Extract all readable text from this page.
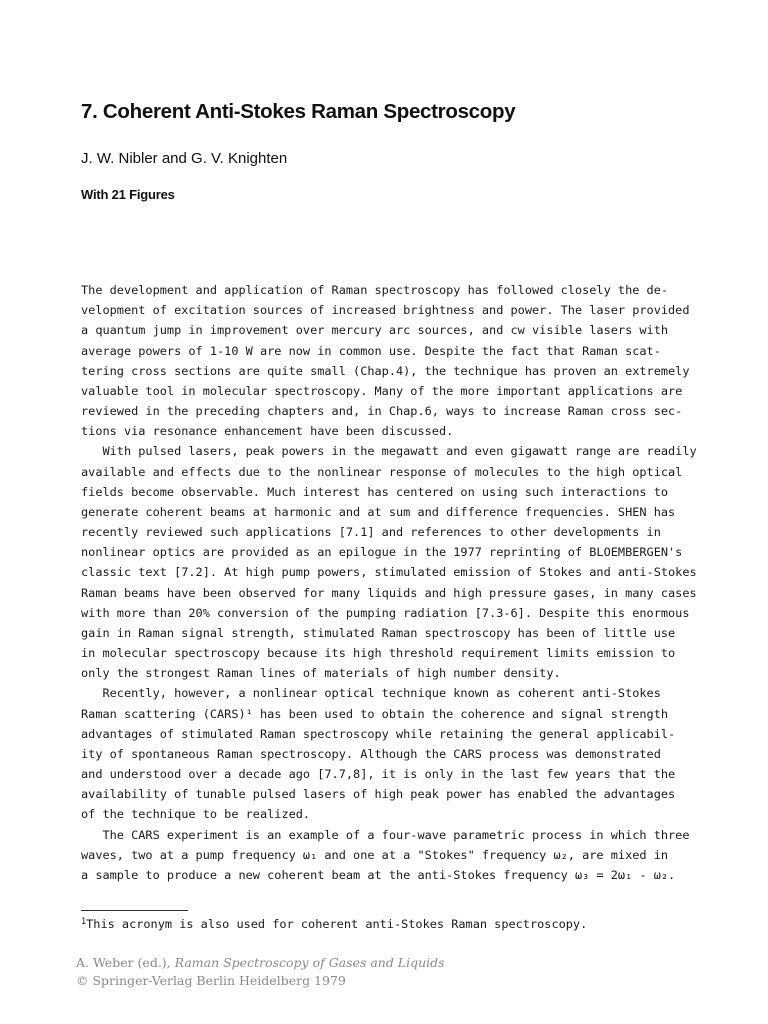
7. Coherent Anti-Stokes Raman Spectroscopy

J. W. Nibler and G. V. Knighten

With 21 Figures

The development and application of Raman spectroscopy has followed closely the de-
velopment of excitation sources of increased brightness and power. The laser provided
a quantum jump in improvement over mercury arc sources, and cw visible lasers with
average powers of 1-10 W are now in common use. Despite the fact that Raman scat-
tering cross sections are quite small (Chap.4), the technique has proven an extremely
valuable tool in molecular spectroscopy. Many of the more important applications are
reviewed in the preceding chapters and, in Chap.6, ways to increase Raman cross sec-
tions via resonance enhancement have been discussed.
With pulsed lasers, peak powers in the megawatt and even gigawatt range are readily
available and effects due to the nonlinear response of molecules to the high optical
fields become observable. Much interest has centered on using such interactions to
generate coherent beams at harmonic and at sum and difference frequencies. SHEN has
recently reviewed such applications [7.1] and references to other developments in
nonlinear optics are provided as an epilogue in the 1977 reprinting of BLOEMBERGEN's
classic text [7.2]. At high pump powers, stimulated emission of Stokes and anti-Stokes
Raman beams have been observed for many liquids and high pressure gases, in many cases
with more than 20% conversion of the pumping radiation [7.3-6]. Despite this enormous
gain in Raman signal strength, stimulated Raman spectroscopy has been of little use
in molecular spectroscopy because its high threshold requirement limits emission to
only the strongest Raman lines of materials of high number density.
Recently, however, a nonlinear optical technique known as coherent anti-Stokes
Raman scattering (CARS)¹ has been used to obtain the coherence and signal strength
advantages of stimulated Raman spectroscopy while retaining the general applicabil-
ity of spontaneous Raman spectroscopy. Although the CARS process was demonstrated
and understood over a decade ago [7.7,8], it is only in the last few years that the
availability of tunable pulsed lasers of high peak power has enabled the advantages
of the technique to be realized.
The CARS experiment is an example of a four-wave parametric process in which three
waves, two at a pump frequency ω₁ and one at a "Stokes" frequency ω₂, are mixed in
a sample to produce a new coherent beam at the anti-Stokes frequency ω₃ = 2ω₁ - ω₂.
$^1$This acronym is also used for coherent anti-Stokes Raman spectroscopy.
A. Weber (ed.), Raman Spectroscopy of Gases and Liquids
© Springer-Verlag Berlin Heidelberg 1979
